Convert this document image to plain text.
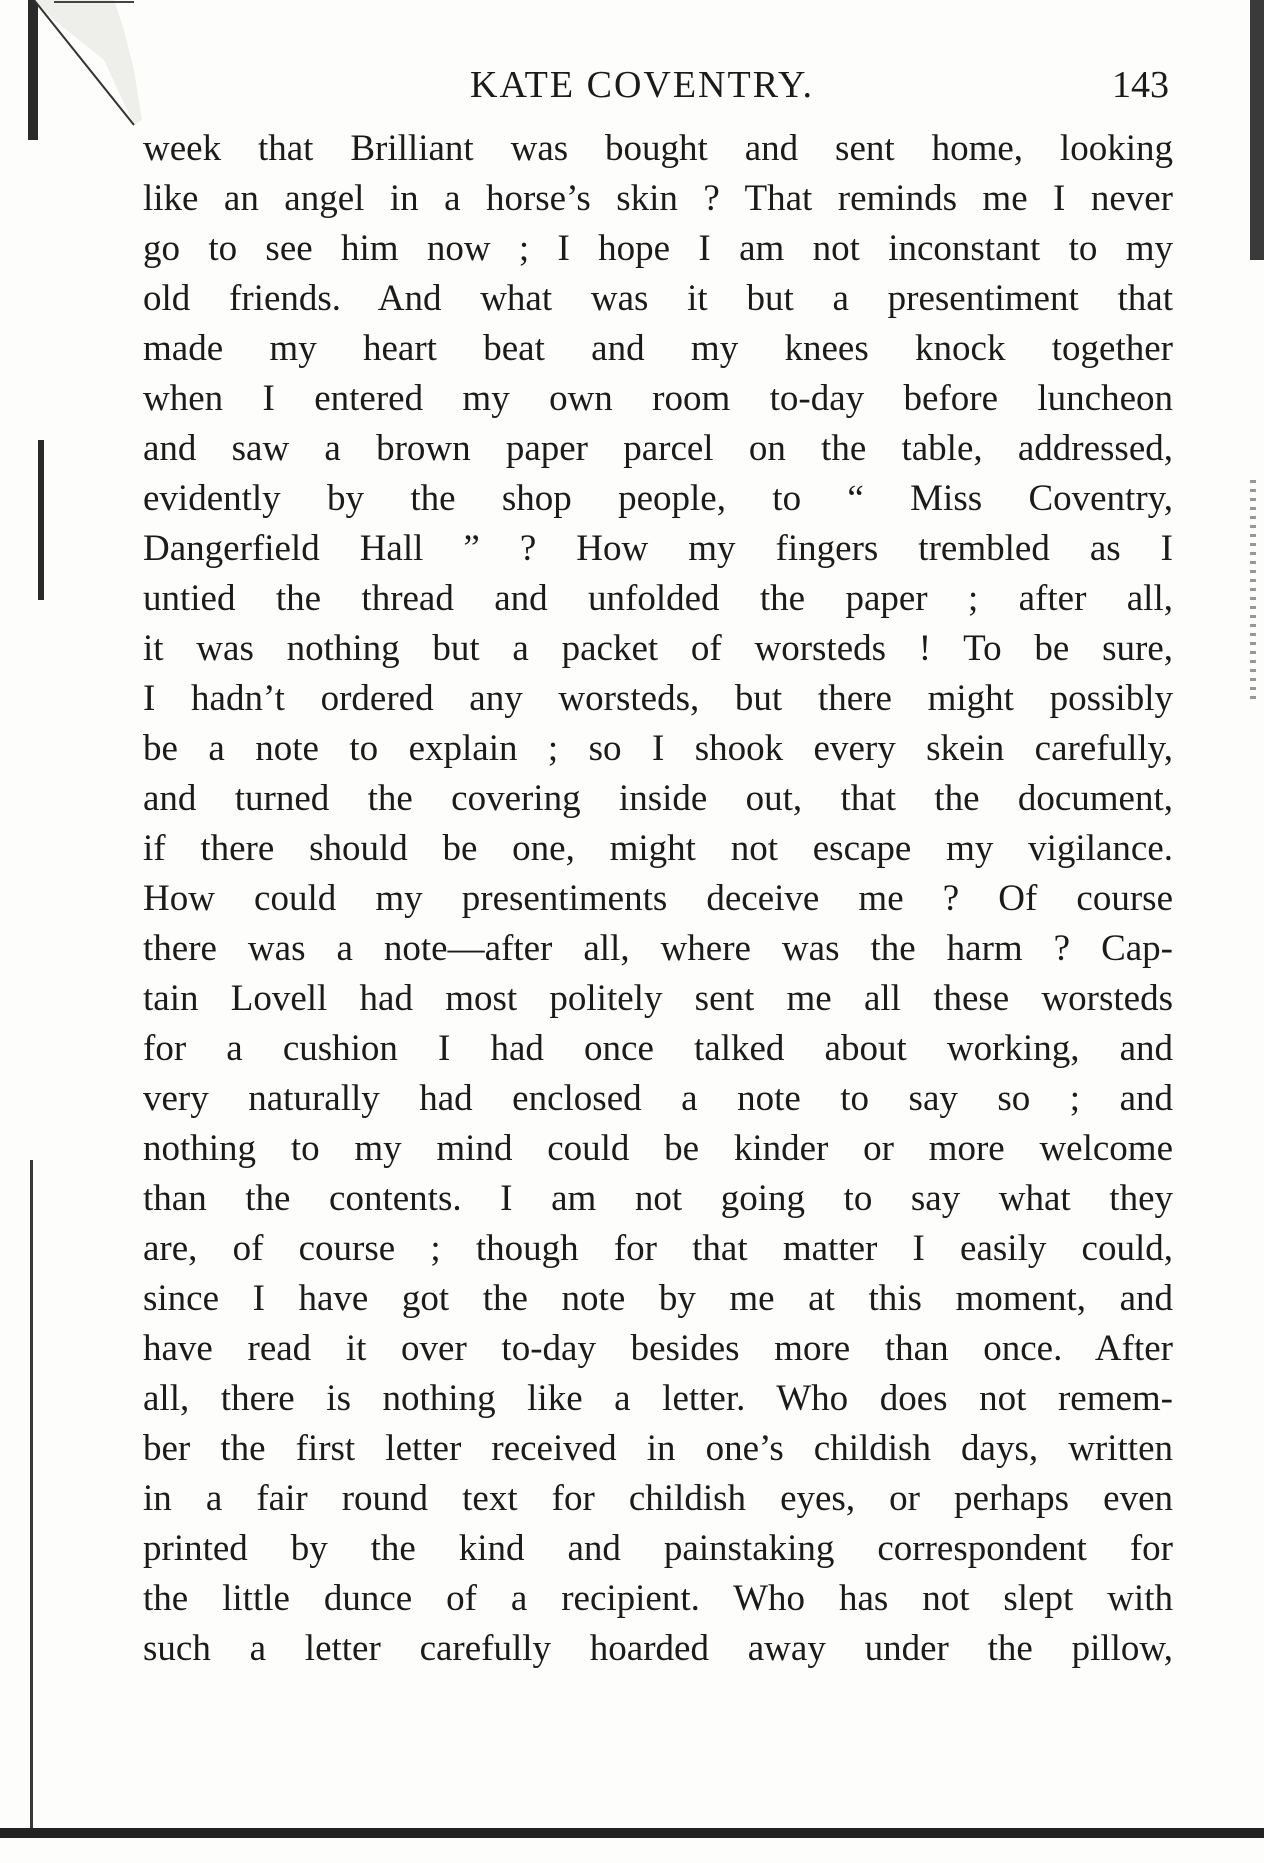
KATE COVENTRY.	143
week that Brilliant was bought and sent home, looking
like an angel in a horse’s skin ? That reminds me I never
go to see him now ; I hope I am not inconstant to my
old friends. And what was it but a presentiment that
made my heart beat and my knees knock together
when I entered my own room to-day before luncheon
and saw a brown paper parcel on the table, addressed,
evidently by the shop people, to “ Miss Coventry,
Dangerfield Hall ” ? How my fingers trembled as I
untied the thread and unfolded the paper ; after all,
it was nothing but a packet of worsteds ! To be sure,
I hadn’t ordered any worsteds, but there might possibly
be a note to explain ; so I shook every skein carefully,
and turned the covering inside out, that the document,
if there should be one, might not escape my vigilance.
How could my presentiments deceive me ? Of course
there was a note—after all, where was the harm ? Cap-
tain Lovell had most politely sent me all these worsteds
for a cushion I had once talked about working, and
very naturally had enclosed a note to say so ; and
nothing to my mind could be kinder or more welcome
than the contents. I am not going to say what they
are, of course ; though for that matter I easily could,
since I have got the note by me at this moment, and
have read it over to-day besides more than once. After
all, there is nothing like a letter. Who does not remem-
ber the first letter received in one’s childish days, written
in a fair round text for childish eyes, or perhaps even
printed by the kind and painstaking correspondent for
the little dunce of a recipient. Who has not slept with
such a letter carefully hoarded away under the pillow,
